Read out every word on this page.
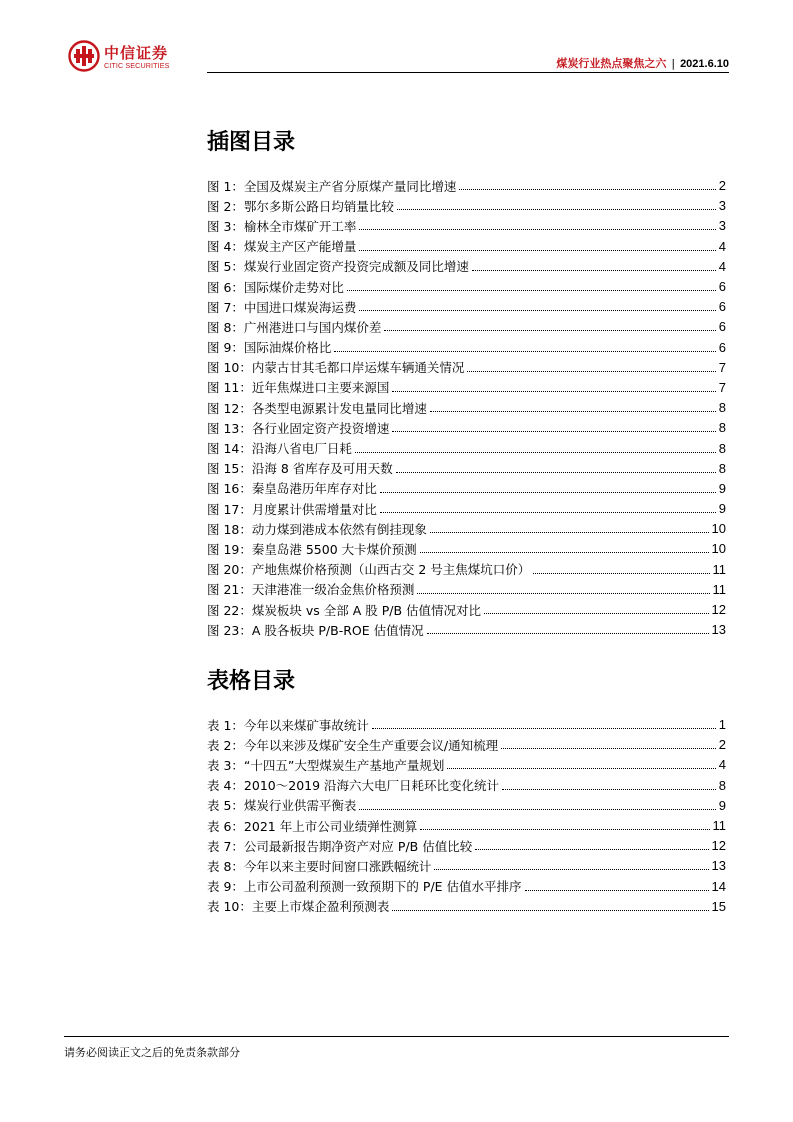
中信证券
CITIC SECURITIES	煤炭行业热点聚焦之六 | 2021.6.10
插图目录
图 1：全国及煤炭主产省分原煤产量同比增速	2
图 2：鄂尔多斯公路日均销量比较	3
图 3：榆林全市煤矿开工率	3
图 4：煤炭主产区产能增量	4
图 5：煤炭行业固定资产投资完成额及同比增速	4
图 6：国际煤价走势对比	6
图 7：中国进口煤炭海运费	6
图 8：广州港进口与国内煤价差	6
图 9：国际油煤价格比	6
图 10：内蒙古甘其毛都口岸运煤车辆通关情况	7
图 11：近年焦煤进口主要来源国	7
图 12：各类型电源累计发电量同比增速	8
图 13：各行业固定资产投资增速	8
图 14：沿海八省电厂日耗	8
图 15：沿海 8 省库存及可用天数	8
图 16：秦皇岛港历年库存对比	9
图 17：月度累计供需增量对比	9
图 18：动力煤到港成本依然有倒挂现象	10
图 19：秦皇岛港 5500 大卡煤价预测	10
图 20：产地焦煤价格预测（山西古交 2 号主焦煤坑口价）	11
图 21：天津港准一级冶金焦价格预测	11
图 22：煤炭板块 vs 全部 A 股 P/B 估值情况对比	12
图 23：A 股各板块 P/B-ROE 估值情况	13
表格目录
表 1：今年以来煤矿事故统计	1
表 2：今年以来涉及煤矿安全生产重要会议/通知梳理	2
表 3：“十四五”大型煤炭生产基地产量规划	4
表 4：2010～2019 沿海六大电厂日耗环比变化统计	8
表 5：煤炭行业供需平衡表	9
表 6：2021 年上市公司业绩弹性测算	11
表 7：公司最新报告期净资产对应 P/B 估值比较	12
表 8：今年以来主要时间窗口涨跌幅统计	13
表 9：上市公司盈利预测一致预期下的 P/E 估值水平排序	14
表 10：主要上市煤企盈利预测表	15
请务必阅读正文之后的免责条款部分
